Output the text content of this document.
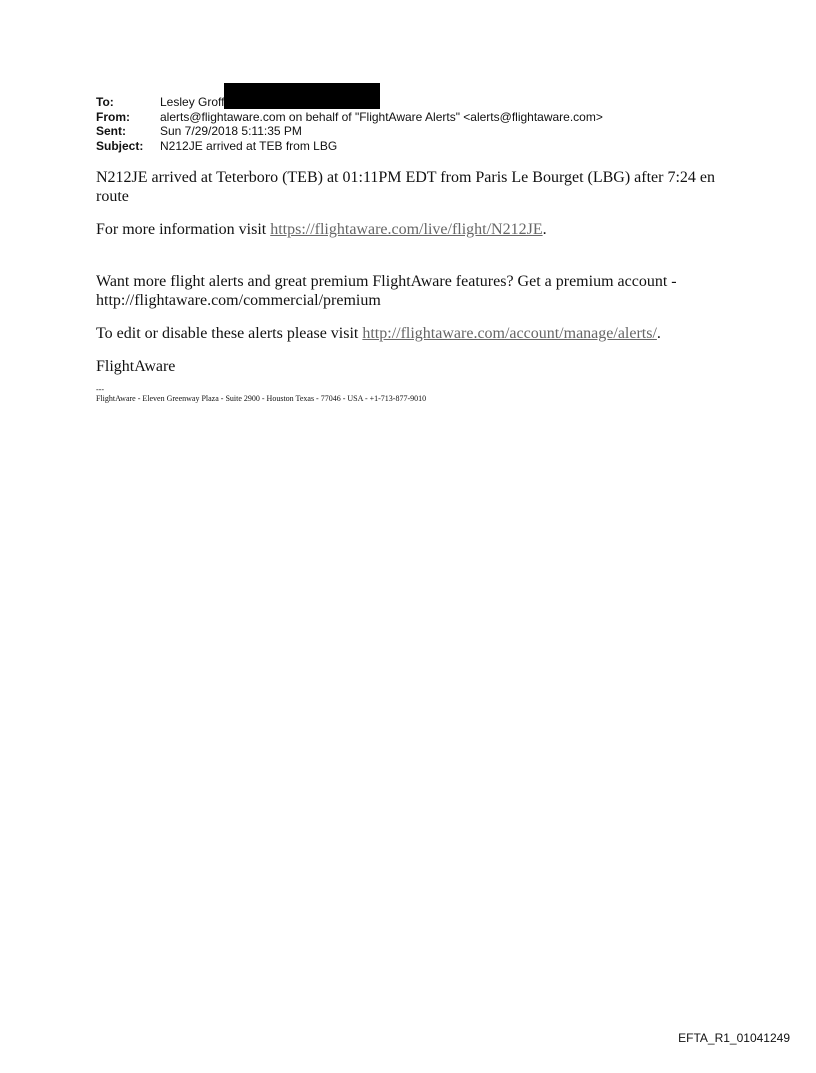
To:	Lesley Groff
From:	alerts@flightaware.com on behalf of "FlightAware Alerts" <alerts@flightaware.com>
Sent:	Sun 7/29/2018 5:11:35 PM
Subject:	N212JE arrived at TEB from LBG

N212JE arrived at Teterboro (TEB) at 01:11PM EDT from Paris Le Bourget (LBG) after 7:24 en route

For more information visit https://flightaware.com/live/flight/N212JE.

Want more flight alerts and great premium FlightAware features? Get a premium account - http://flightaware.com/commercial/premium

To edit or disable these alerts please visit http://flightaware.com/account/manage/alerts/.

FlightAware

---
FlightAware - Eleven Greenway Plaza - Suite 2900 - Houston Texas - 77046 - USA - +1-713-877-9010
EFTA_R1_01041249
